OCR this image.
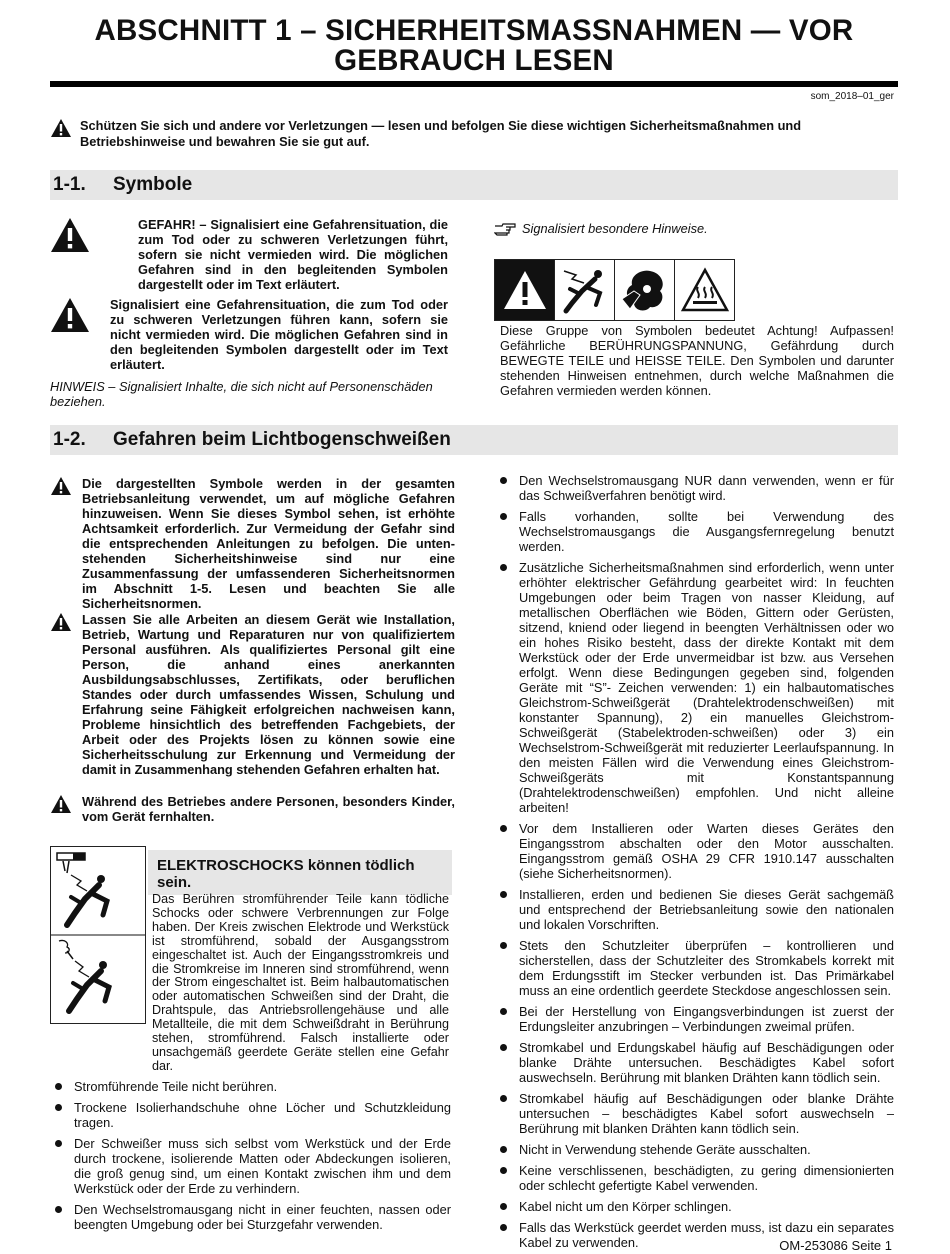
ABSCHNITT 1 – SICHERHEITSMASSNAHMEN — VOR
GEBRAUCH LESEN
som_2018–01_ger
Schützen Sie sich und andere vor Verletzungen — lesen und befolgen Sie diese wichtigen Sicherheitsmaßnahmen und Betriebshinweise und bewahren Sie sie gut auf.
1-1. Symbole
GEFAHR! – Signalisiert eine Gefahrensituation, die zum Tod oder zu schweren Verletzungen führt, sofern sie nicht vermieden wird. Die möglichen Gefahren sind in den begleitenden Symbolen dargestellt oder im Text erläutert.
Signalisiert eine Gefahrensituation, die zum Tod oder zu schweren Verletzungen führen kann, sofern sie nicht vermieden wird. Die möglichen Gefahren sind in den begleitenden Symbolen dargestellt oder im Text erläutert.
HINWEIS – Signalisiert Inhalte, die sich nicht auf Personenschäden beziehen.
Signalisiert besondere Hinweise.
Diese Gruppe von Symbolen bedeutet Achtung! Aufpassen! Gefährliche BERÜHRUNGSPANNUNG, Gefährdung durch BEWEGTE TEILE und HEISSE TEILE. Den Symbolen und darunter stehenden Hinweisen entnehmen, durch welche Maßnahmen die Gefahren vermieden werden können.
1-2. Gefahren beim Lichtbogenschweißen
Die dargestellten Symbole werden in der gesamten Betriebsanleitung verwendet, um auf mögliche Gefahren hinzuweisen. Wenn Sie dieses Symbol sehen, ist erhöhte Achtsamkeit erforderlich. Zur Vermeidung der Gefahr sind die entsprechenden Anleitungen zu befolgen. Die unten- stehenden Sicherheitshinweise sind nur eine Zusammenfassung der umfassenderen Sicherheitsnormen im Abschnitt 1-5. Lesen und beachten Sie alle Sicherheitsnormen.
Lassen Sie alle Arbeiten an diesem Gerät wie Installation, Betrieb, Wartung und Reparaturen nur von qualifiziertem Personal ausführen. Als qualifiziertes Personal gilt eine Person, die anhand eines anerkannten Ausbildungsabschlusses, Zertifikats, oder beruflichen Standes oder durch umfassendes Wissen, Schulung und Erfahrung seine Fähigkeit erfolgreichen nachweisen kann, Probleme hinsichtlich des betreffenden Fachgebiets, der Arbeit oder des Projekts lösen zu können sowie eine Sicherheitsschulung zur Erkennung und Vermeidung der damit in Zusammenhang stehenden Gefahren erhalten hat.
Während des Betriebes andere Personen, besonders Kinder, vom Gerät fernhalten.
ELEKTROSCHOCKS können tödlich sein.
Das Berühren stromführender Teile kann tödliche Schocks oder schwere Verbrennungen zur Folge haben. Der Kreis zwischen Elektrode und Werkstück ist stromführend, sobald der Ausgangsstrom eingeschaltet ist. Auch der Eingangsstromkreis und die Stromkreise im Inneren sind stromführend, wenn der Strom eingeschaltet ist. Beim halbautomatischen oder automatischen Schweißen sind der Draht, die Drahtspule, das Antriebsrollengehäuse und alle Metallteile, die mit dem Schweißdraht in Berührung stehen, stromführend. Falsch installierte oder unsachgemäß geerdete Geräte stellen eine Gefahr dar.
Stromführende Teile nicht berühren.
Trockene Isolierhandschuhe ohne Löcher und Schutzkleidung tragen.
Der Schweißer muss sich selbst vom Werkstück und der Erde durch trockene, isolierende Matten oder Abdeckungen isolieren, die groß genug sind, um einen Kontakt zwischen ihm und dem Werkstück oder der Erde zu verhindern.
Den Wechselstromausgang nicht in einer feuchten, nassen oder beengten Umgebung oder bei Sturzgefahr verwenden.
Den Wechselstromausgang NUR dann verwenden, wenn er für das Schweißverfahren benötigt wird.
Falls vorhanden, sollte bei Verwendung des Wechselstromausgangs die Ausgangsfernregelung benutzt werden.
Zusätzliche Sicherheitsmaßnahmen sind erforderlich, wenn unter erhöhter elektrischer Gefährdung gearbeitet wird: In feuchten Umgebungen oder beim Tragen von nasser Kleidung, auf metallischen Oberflächen wie Böden, Gittern oder Gerüsten, sitzend, kniend oder liegend in beengten Verhältnissen oder wo ein hohes Risiko besteht, dass der direkte Kontakt mit dem Werkstück oder der Erde unvermeidbar ist bzw. aus Versehen erfolgt. Wenn diese Bedingungen gegeben sind, folgenden Geräte mit “S”- Zeichen verwenden: 1) ein halbautomatisches Gleichstrom-Schweißgerät (Drahtelektrodenschweißen) mit konstanter Spannung), 2) ein manuelles Gleichstrom-Schweißgerät (Stabelektroden-schweißen) oder 3) ein Wechselstrom-Schweißgerät mit reduzierter Leerlaufspannung. In den meisten Fällen wird die Verwendung eines Gleichstrom-Schweißgeräts mit Konstantspannung (Drahtelektrodenschweißen) empfohlen. Und nicht alleine arbeiten!
Vor dem Installieren oder Warten dieses Gerätes den Eingangsstrom abschalten oder den Motor ausschalten. Eingangsstrom gemäß OSHA 29 CFR 1910.147 ausschalten (siehe Sicherheitsnormen).
Installieren, erden und bedienen Sie dieses Gerät sachgemäß und entsprechend der Betriebsanleitung sowie den nationalen und lokalen Vorschriften.
Stets den Schutzleiter überprüfen – kontrollieren und sicherstellen, dass der Schutzleiter des Stromkabels korrekt mit dem Erdungsstift im Stecker verbunden ist. Das Primärkabel muss an eine ordentlich geerdete Steckdose angeschlossen sein.
Bei der Herstellung von Eingangsverbindungen ist zuerst der Erdungsleiter anzubringen – Verbindungen zweimal prüfen.
Stromkabel und Erdungskabel häufig auf Beschädigungen oder blanke Drähte untersuchen. Beschädigtes Kabel sofort auswechseln. Berührung mit blanken Drähten kann tödlich sein.
Stromkabel häufig auf Beschädigungen oder blanke Drähte untersuchen – beschädigtes Kabel sofort auswechseln – Berührung mit blanken Drähten kann tödlich sein.
Nicht in Verwendung stehende Geräte ausschalten.
Keine verschlissenen, beschädigten, zu gering dimensionierten oder schlecht gefertigte Kabel verwenden.
Kabel nicht um den Körper schlingen.
Falls das Werkstück geerdet werden muss, ist dazu ein separates Kabel zu verwenden.	OM-253086 Seite 1
